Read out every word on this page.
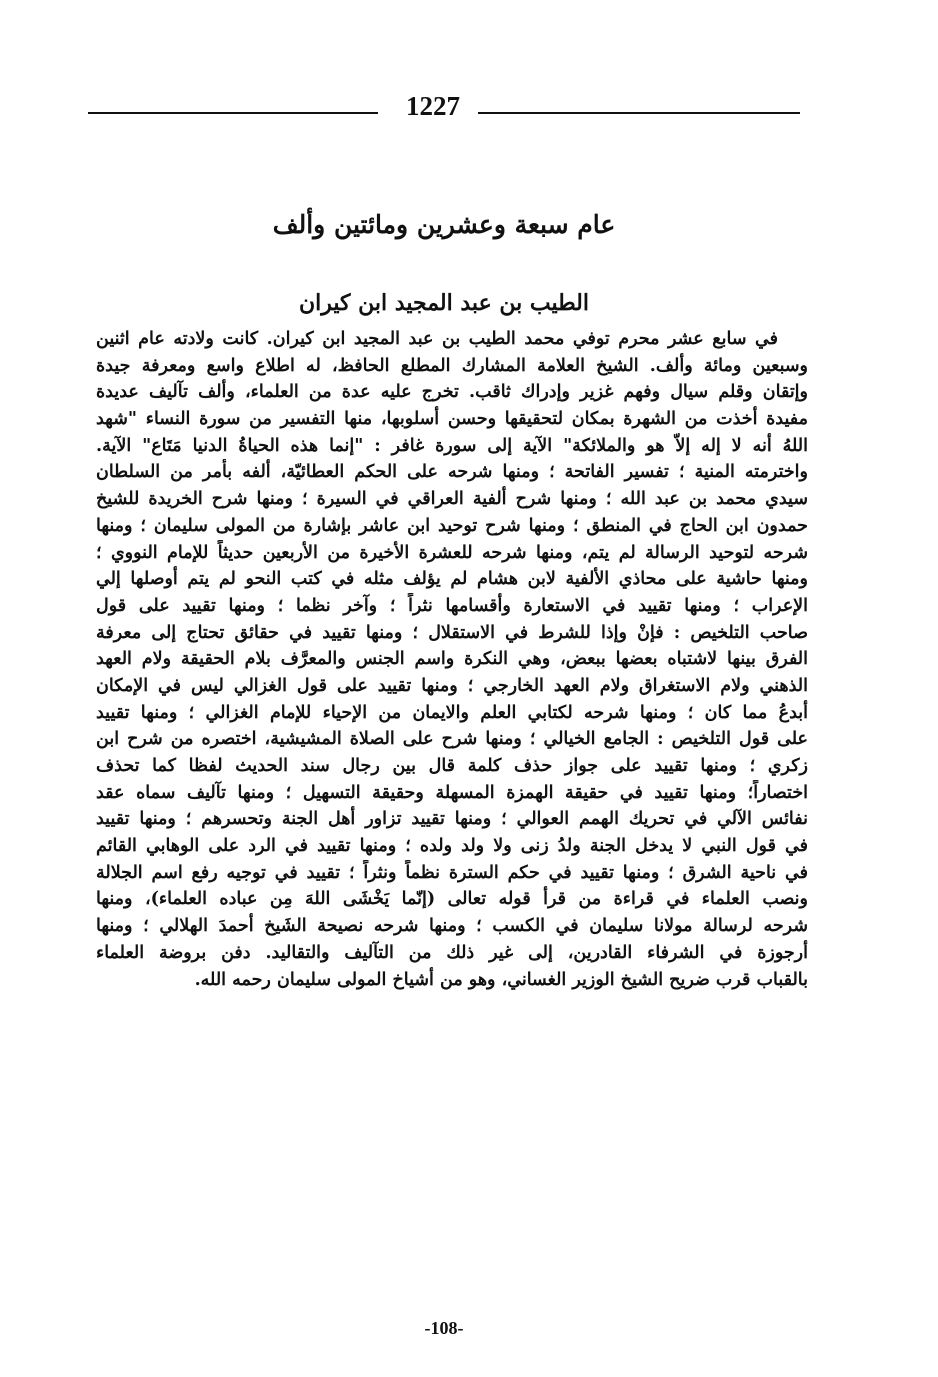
1227
عام سبعة وعشرين ومائتين وألف
الطيب بن عبد المجيد ابن كيران
في سابع عشر محرم توفي محمد الطيب بن عبد المجيد ابن كيران. كانت ولادته عام اثنين
وسبعين ومائة وألف. الشيخ العلامة المشارك المطلع الحافظ، له اطلاع واسع ومعرفة جيدة
وإتقان وقلم سيال وفهم غزير وإدراك ثاقب. تخرج عليه عدة من العلماء، وألف تآليف عديدة
مفيدة أخذت من الشهرة بمكان لتحقيقها وحسن أسلوبها، منها التفسير من سورة النساء "شهد
اللهُ أنه لا إله إلاّ هو والملائكة" الآية إلى سورة غافر : "إنما هذه الحياةُ الدنيا مَتَاع" الآية.
واخترمته المنية ؛ تفسير الفاتحة ؛ ومنها شرحه على الحكم العطائيّة، ألفه بأمر من السلطان
سيدي محمد بن عبد الله ؛ ومنها شرح ألفية العراقي في السيرة ؛ ومنها شرح الخريدة للشيخ
حمدون ابن الحاج في المنطق ؛ ومنها شرح توحيد ابن عاشر بإشارة من المولى سليمان ؛ ومنها
شرحه لتوحيد الرسالة لم يتم، ومنها شرحه للعشرة الأخيرة من الأربعين حديثاً للإمام النووي ؛
ومنها حاشية على محاذي الألفية لابن هشام لم يؤلف مثله في كتب النحو لم يتم أوصلها إلي
الإعراب ؛ ومنها تقييد في الاستعارة وأقسامها نثراً ؛ وآخر نظما ؛ ومنها تقييد على قول
صاحب التلخيص : فإنْ وإذا للشرط في الاستقلال ؛ ومنها تقييد في حقائق تحتاج إلى معرفة
الفرق بينها لاشتباه بعضها ببعض، وهي النكرة واسم الجنس والمعرَّف بلام الحقيقة ولام العهد
الذهني ولام الاستغراق ولام العهد الخارجي ؛ ومنها تقييد على قول الغزالي ليس في الإمكان
أبدعُ مما كان ؛ ومنها شرحه لكتابي العلم والايمان من الإحياء للإمام الغزالي ؛ ومنها تقييد
على قول التلخيص : الجامع الخيالي ؛ ومنها شرح على الصلاة المشيشية، اختصره من شرح ابن
زكري ؛ ومنها تقييد على جواز حذف كلمة قال بين رجال سند الحديث لفظا كما تحذف
اختصاراً؛ ومنها تقييد في حقيقة الهمزة المسهلة وحقيقة التسهيل ؛ ومنها تآليف سماه عقد
نفائس الآلي في تحريك الهمم العوالي ؛ ومنها تقييد تزاور أهل الجنة وتحسرهم ؛ ومنها تقييد
في قول النبي لا يدخل الجنة ولدُ زنى ولا ولد ولده ؛ ومنها تقييد في الرد على الوهابي القائم
في ناحية الشرق ؛ ومنها تقييد في حكم السترة نظماً ونثراً ؛ تقييد في توجيه رفع اسم الجلالة
ونصب العلماء في قراءة من قرأ قوله تعالى (إنّما يَخْشَى اللهَ مِن عباده العلماء)، ومنها
شرحه لرسالة مولانا سليمان في الكسب ؛ ومنها شرحه نصيحة الشَيخ أحمدَ الهلالي ؛ ومنها
أرجوزة في الشرفاء القادرين، إلى غير ذلك من التآليف والتقاليد. دفن بروضة العلماء
بالقباب قرب ضريح الشيخ الوزير الغساني، وهو من أشياخ المولى سليمان رحمه الله.
-108-
